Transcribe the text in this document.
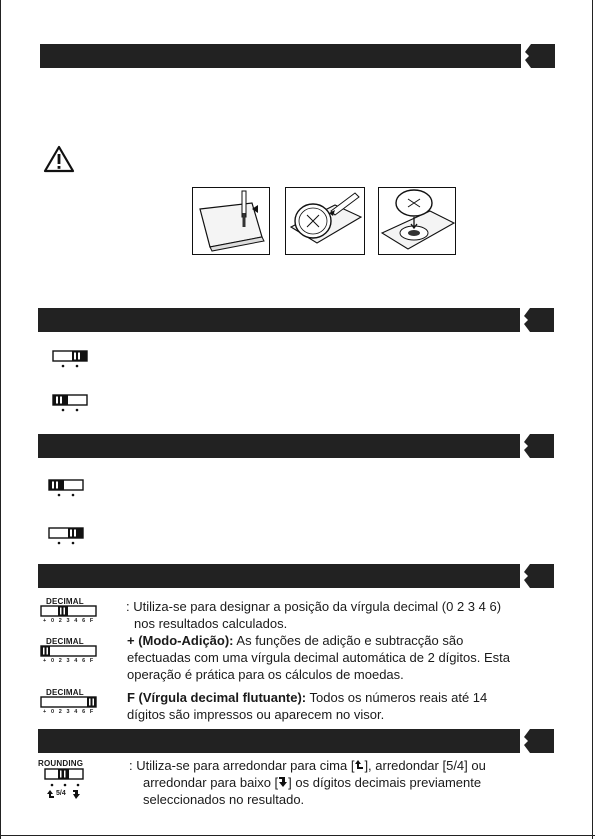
DECIMAL
+ 0 2 3 4 6 F
DECIMAL
+ 0 2 3 4 6 F
DECIMAL
+ 0 2 3 4 6 F
: Utiliza-se para designar a posição da vírgula decimal (0 2 3 4 6)
nos resultados calculados.
+ (Modo-Adição): As funções de adição e subtracção são
efectuadas com uma vírgula decimal automática de 2 dígitos. Esta
operação é prática para os cálculos de moedas.
F (Vírgula decimal flutuante): Todos os números reais até 14
dígitos são impressos ou aparecem no visor.
ROUNDING
5/4
: Utiliza-se para arredondar para cima [ ], arredondar [5/4] ou
arredondar para baixo [ ] os dígitos decimais previamente
seleccionados no resultado.
